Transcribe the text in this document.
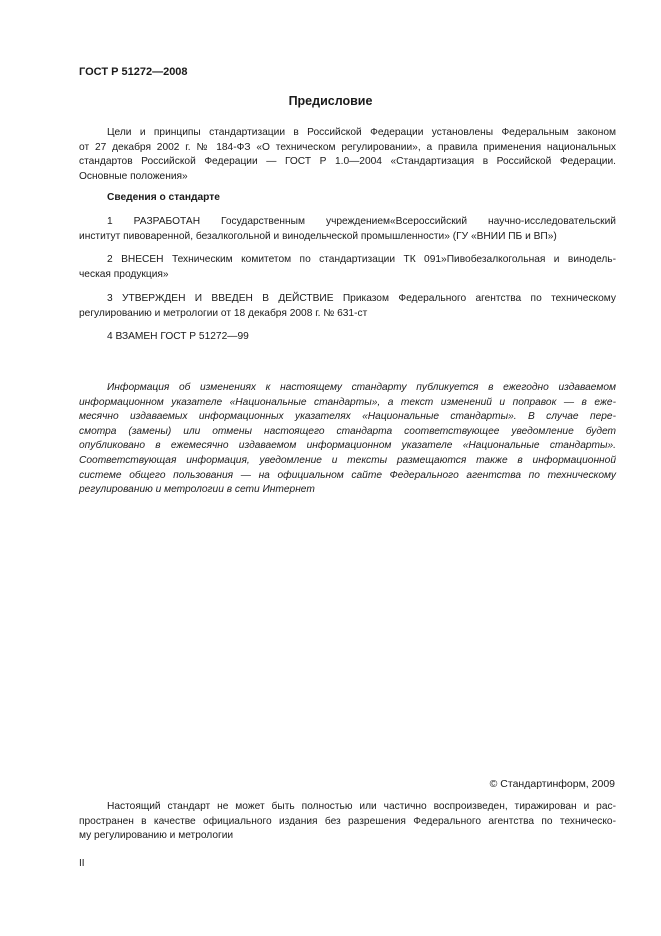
ГОСТ Р 51272—2008
Предисловие
Цели и принципы стандартизации в Российской Федерации установлены Федеральным законом
от 27 декабря 2002 г. № 184-ФЗ «О техническом регулировании», а правила применения национальных
стандартов Российской Федерации — ГОСТ Р 1.0—2004 «Стандартизация в Российской Федерации.
Основные положения»
Сведения о стандарте
1 РАЗРАБОТАН Государственным учреждением«Всероссийский научно-исследовательский
институт пивоваренной, безалкогольной и винодельческой промышленности» (ГУ «ВНИИ ПБ и ВП»)
2 ВНЕСЕН Техническим комитетом по стандартизации ТК 091»Пивобезалкогольная и винодель-
ческая продукция»
3 УТВЕРЖДЕН И ВВЕДЕН В ДЕЙСТВИЕ Приказом Федерального агентства по техническому
регулированию и метрологии от 18 декабря 2008 г. № 631-ст
4 ВЗАМЕН ГОСТ Р 51272—99
Информация об изменениях к настоящему стандарту публикуется в ежегодно издаваемом
информационном указателе «Национальные стандарты», а текст изменений и поправок — в еже-
месячно издаваемых информационных указателях «Национальные стандарты». В случае пере-
смотра (замены) или отмены настоящего стандарта соответствующее уведомление будет
опубликовано в ежемесячно издаваемом информационном указателе «Национальные стандарты».
Соответствующая информация, уведомление и тексты размещаются также в информационной
системе общего пользования — на официальном сайте Федерального агентства по техническому
регулированию и метрологии в сети Интернет
© Стандартинформ, 2009
Настоящий стандарт не может быть полностью или частично воспроизведен, тиражирован и рас-
пространен в качестве официального издания без разрешения Федерального агентства по техническо-
му регулированию и метрологии
II
